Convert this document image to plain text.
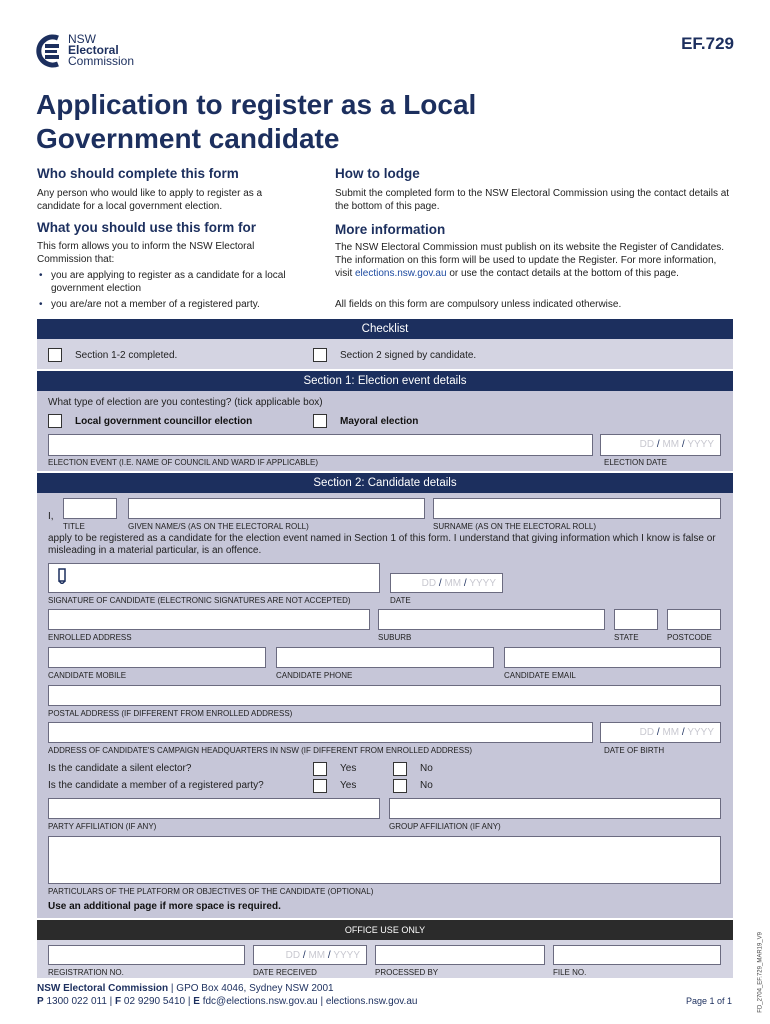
NSW
Electoral
Commission
EF.729
Application to register as a Local Government candidate
Who should complete this form
Any person who would like to apply to register as a candidate for a local government election.
What you should use this form for
This form allows you to inform the NSW Electoral Commission that:
• you are applying to register as a candidate for a local government election
• you are/are not a member of a registered party.
How to lodge
Submit the completed form to the NSW Electoral Commission using the contact details at the bottom of this page.
More information
The NSW Electoral Commission must publish on its website the Register of Candidates. The information on this form will be used to update the Register. For more information, visit elections.nsw.gov.au or use the contact details at the bottom of this page.
All fields on this form are compulsory unless indicated otherwise.
Checklist
Section 1-2 completed.	Section 2 signed by candidate.
Section 1: Election event details
What type of election are you contesting? (tick applicable box)
Local government councillor election	Mayoral election
DD / MM / YYYY
ELECTION EVENT (I.E. NAME OF COUNCIL AND WARD IF APPLICABLE)	ELECTION DATE
Section 2: Candidate details
I,
TITLE	GIVEN NAME/S (AS ON THE ELECTORAL ROLL)	SURNAME (AS ON THE ELECTORAL ROLL)
apply to be registered as a candidate for the election event named in Section 1 of this form. I understand that giving information which I know is false or misleading in a material particular, is an offence.
DD / MM / YYYY
SIGNATURE OF CANDIDATE (ELECTRONIC SIGNATURES ARE NOT ACCEPTED)	DATE
ENROLLED ADDRESS	SUBURB	STATE	POSTCODE
CANDIDATE MOBILE	CANDIDATE PHONE	CANDIDATE EMAIL
POSTAL ADDRESS (IF DIFFERENT FROM ENROLLED ADDRESS)
DD / MM / YYYY
ADDRESS OF CANDIDATE'S CAMPAIGN HEADQUARTERS IN NSW (IF DIFFERENT FROM ENROLLED ADDRESS)	DATE OF BIRTH
Is the candidate a silent elector?	Yes	No
Is the candidate a member of a registered party?	Yes	No
PARTY AFFILIATION (IF ANY)	GROUP AFFILIATION (IF ANY)
PARTICULARS OF THE PLATFORM OR OBJECTIVES OF THE CANDIDATE (OPTIONAL)
Use an additional page if more space is required.
OFFICE USE ONLY
DD / MM / YYYY
REGISTRATION NO.	DATE RECEIVED	PROCESSED BY	FILE NO.	FD_2704_EF.729_MAR19_V9
NSW Electoral Commission | GPO Box 4046, Sydney NSW 2001
P 1300 022 011 | F 02 9290 5410 | E fdc@elections.nsw.gov.au | elections.nsw.gov.au	Page 1 of 1
